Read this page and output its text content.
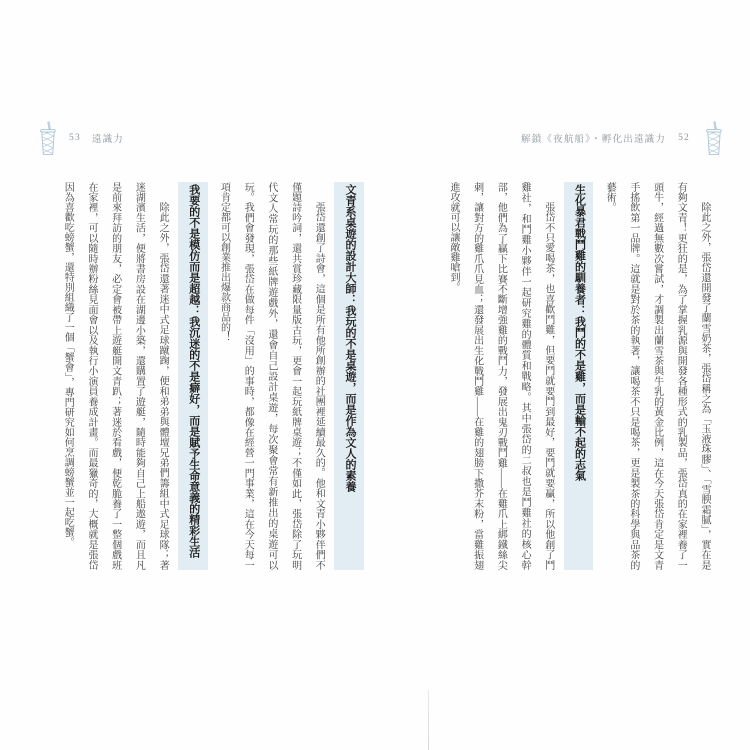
53 遠識力	解鎖《夜航船》・孵化出遠識力 52

除此之外，張岱還開發了蘭雪奶茶，張岱稱之為「玉液珠膠」、「雪腴霜膩」，實在是有夠文青！更狂的是，為了掌握乳源與開發各種形式的乳製品，張岱真的在家裡養了一頭牛，經過無數次嘗試，才調製出蘭雪茶與牛乳的黃金比例，這在今天張岱肯定是文青手搖飲第一品牌。這就是對於茶的執著，讓喝茶不只是喝茶，更是製茶的科學與品茶的藝術。

生化暴君戰鬥雞的馴養者：我鬥的不是雞，而是輸不起的志氣

張岱不只愛喝茶，也喜歡鬥雞，但要鬥就要鬥到最好，要鬥就要贏，所以他創了鬥雞社，和鬥雞小夥伴一起研究雞的體質和戰略。其中張岱的二叔也是鬥雞社的核心幹部，他們為了贏下比賽不斷增強雞的戰鬥力，發展出鬼刃戰鬥雞——在雞爪上綁鐵絲尖刺，讓對方的雞爪爪見血；還發展出生化戰鬥雞——在雞的翅膀下撒芥末粉，當雞振翅進攻就可以讓敵雞嗆到。

文青系桌遊的設計大師：我玩的不是桌遊，而是作為文人的素養

張岱還創了詩會，這個是所有他所創辦的社團裡延續最久的。他和文青小夥伴們不僅題詩吟詞，還共賞珍藏限量版古玩，更會一起玩紙牌桌遊；不僅如此，張岱除了玩明代文人常玩的那些紙牌遊戲外，還會自己設計桌遊，每次聚會常有新推出的桌遊可以玩。我們會發現，張岱在做每件「沒用」的事時，都像在經營一門事業，這在今天每一項肯定都可以創業推出爆款商品的！

我要的不是模仿而是超越：我沉迷的不是癖好，而是賦予生命意義的精彩生活

除此之外，張岱還著迷中式足球蹴踘，便和弟弟與體壇兄弟們籌組中式足球隊；著迷湖濱生活，便將書房設在湖邊小築，還購置了遊艇，隨時能夠自己上船遨遊，而且凡是前來拜訪的朋友，必定會被帶上遊艇開文青趴；著迷於看戲，便乾脆養了一整個戲班在家裡，可以隨時辦粉絲見面會以及執行小演員養成計畫。而最獵奇的，大概就是張岱因為喜歡吃螃蟹，還特別組織了一個「蟹會」，專門研究如何烹調螃蟹並一起吃蟹。
